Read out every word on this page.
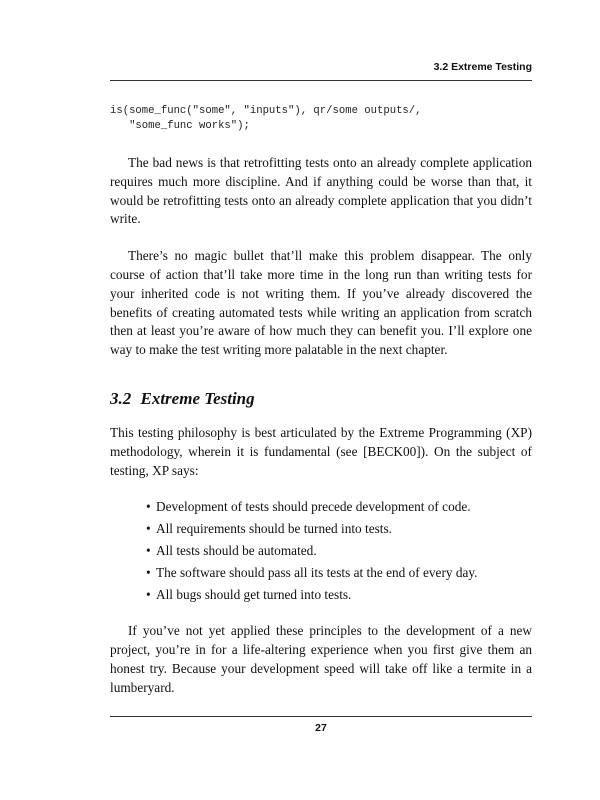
3.2 Extreme Testing
is(some_func("some", "inputs"), qr/some outputs/,
"some_func works");

The bad news is that retrofitting tests onto an already complete application requires much more discipline. And if anything could be worse than that, it would be retrofitting tests onto an already complete application that you didn’t write.

There’s no magic bullet that’ll make this problem disappear. The only course of action that’ll take more time in the long run than writing tests for your inherited code is not writing them. If you’ve already discovered the benefits of creating automated tests while writing an application from scratch then at least you’re aware of how much they can benefit you. I’ll explore one way to make the test writing more palatable in the next chapter.

3.2 Extreme Testing

This testing philosophy is best articulated by the Extreme Programming (XP) methodology, wherein it is fundamental (see [BECK00]). On the subject of testing, XP says:

• Development of tests should precede development of code.
• All requirements should be turned into tests.
• All tests should be automated.
• The software should pass all its tests at the end of every day.
• All bugs should get turned into tests.

If you’ve not yet applied these principles to the development of a new project, you’re in for a life-altering experience when you first give them an honest try. Because your development speed will take off like a termite in a lumberyard.

27
